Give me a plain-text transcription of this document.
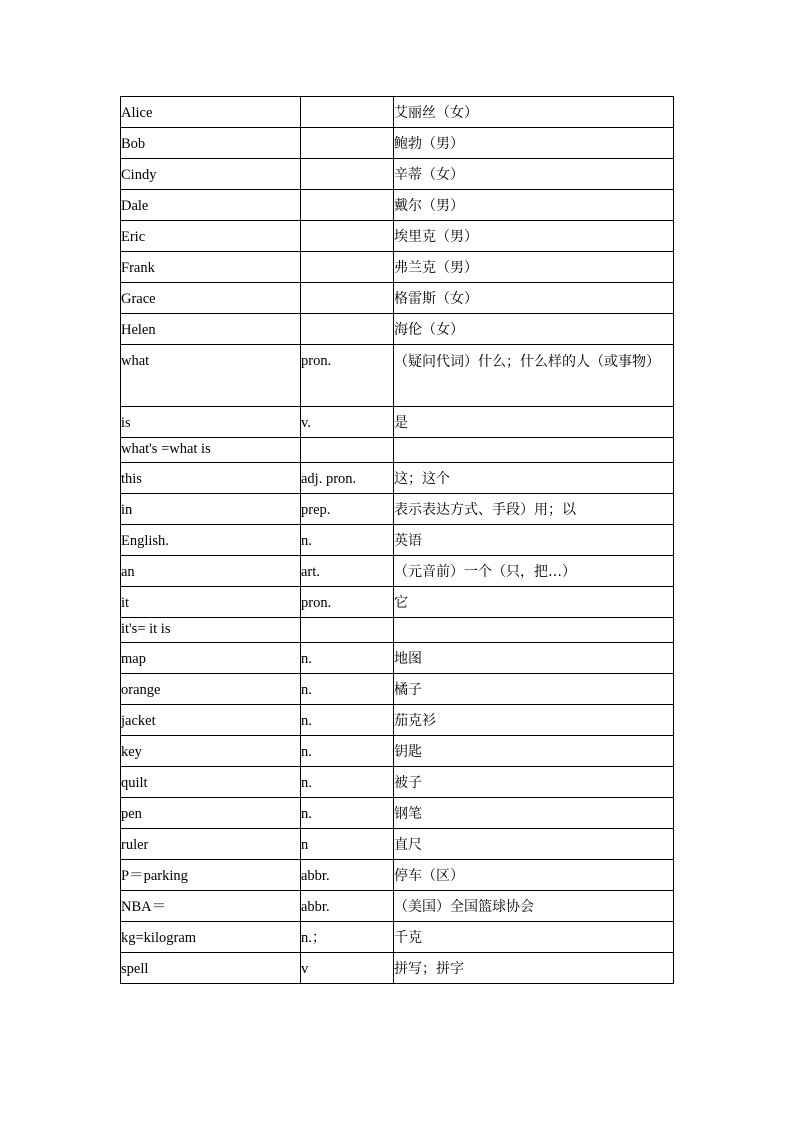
Alice		艾丽丝（女）
Bob		鲍勃（男）
Cindy		辛蒂（女）
Dale		戴尔（男）
Eric		埃里克（男）
Frank		弗兰克（男）
Grace		格雷斯（女）
Helen		海伦（女）
what	pron.	（疑问代词）什么；什么样的人（或事物）
is	v.	是
what's =what is		
this	adj. pron.	这；这个
in	prep.	表示表达方式、手段）用；以
English.	n.	英语
an	art.	（元音前）一个（只，把…）
it	pron.	它
it's= it is		
map	n.	地图
orange	n.	橘子
jacket	n.	茄克衫
key	n.	钥匙
quilt	n.	被子
pen	n.	钢笔
ruler	n	直尺
P＝parking	abbr.	停车（区）
NBA＝	abbr.	（美国）全国篮球协会
kg=kilogram	n.；	千克
spell	v	拼写；拼字
